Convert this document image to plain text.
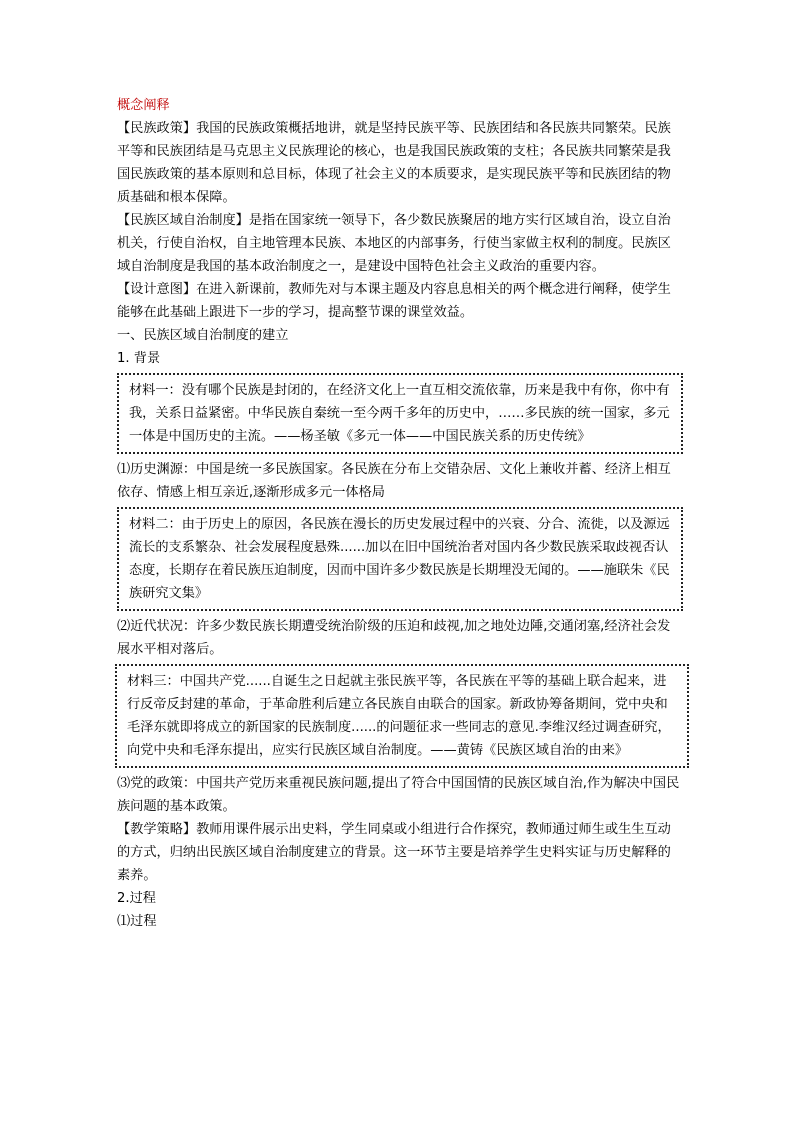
概念阐释

【民族政策】我国的民族政策概括地讲，就是坚持民族平等、民族团结和各民族共同繁荣。民族平等和民族团结是马克思主义民族理论的核心，也是我国民族政策的支柱；各民族共同繁荣是我国民族政策的基本原则和总目标，体现了社会主义的本质要求，是实现民族平等和民族团结的物质基础和根本保障。

【民族区域自治制度】是指在国家统一领导下，各少数民族聚居的地方实行区域自治，设立自治机关，行使自治权，自主地管理本民族、本地区的内部事务，行使当家做主权利的制度。民族区域自治制度是我国的基本政治制度之一，是建设中国特色社会主义政治的重要内容。

【设计意图】在进入新课前，教师先对与本课主题及内容息息相关的两个概念进行阐释，使学生能够在此基础上跟进下一步的学习，提高整节课的课堂效益。

一、民族区域自治制度的建立

1. 背景

材料一：没有哪个民族是封闭的，在经济文化上一直互相交流依靠，历来是我中有你，你中有我，关系日益紧密。中华民族自秦统一至今两千多年的历史中，……多民族的统一国家，多元一体是中国历史的主流。——杨圣敏《多元一体——中国民族关系的历史传统》

⑴历史渊源：中国是统一多民族国家。各民族在分布上交错杂居、文化上兼收并蓄、经济上相互依存、情感上相互亲近,逐渐形成多元一体格局

材料二：由于历史上的原因，各民族在漫长的历史发展过程中的兴衰、分合、流徙，以及源远流长的支系繁杂、社会发展程度悬殊......加以在旧中国统治者对国内各少数民族采取歧视否认态度，长期存在着民族压迫制度，因而中国许多少数民族是长期埋没无闻的。——施联朱《民族研究文集》

⑵近代状况：许多少数民族长期遭受统治阶级的压迫和歧视,加之地处边陲,交通闭塞,经济社会发展水平相对落后。

材料三：中国共产党......自诞生之日起就主张民族平等，各民族在平等的基础上联合起来，进行反帝反封建的革命，于革命胜利后建立各民族自由联合的国家。新政协筹备期间，党中央和毛泽东就即将成立的新国家的民族制度......的问题征求一些同志的意见.李维汉经过调查研究，向党中央和毛泽东提出，应实行民族区域自治制度。——黄铸《民族区域自治的由来》

⑶党的政策：中国共产党历来重视民族问题,提出了符合中国国情的民族区域自治,作为解决中国民族问题的基本政策。

【教学策略】教师用课件展示出史料，学生同桌或小组进行合作探究，教师通过师生或生生互动的方式，归纳出民族区域自治制度建立的背景。这一环节主要是培养学生史料实证与历史解释的素养。

2.过程

⑴过程
